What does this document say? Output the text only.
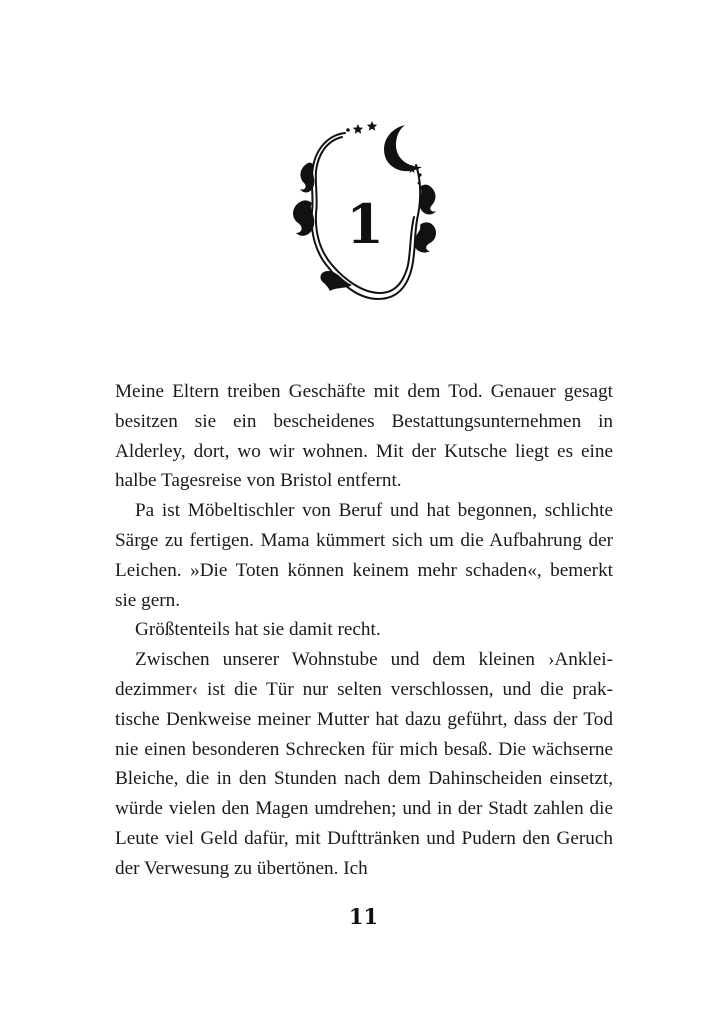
1

Meine Eltern treiben Geschäfte mit dem Tod. Genauer gesagt besitzen sie ein bescheidenes Bestattungsunternehmen in Alderley, dort, wo wir wohnen. Mit der Kutsche liegt es eine halbe Tagesreise von Bristol entfernt.

Pa ist Möbeltischler von Beruf und hat begonnen, schlichte Särge zu fertigen. Mama kümmert sich um die Aufbahrung der Leichen. »Die Toten können keinem mehr schaden«, bemerkt sie gern.

Größtenteils hat sie damit recht.

Zwischen unserer Wohnstube und dem kleinen ›Ankleidezimmer‹ ist die Tür nur selten verschlossen, und die praktische Denkweise meiner Mutter hat dazu geführt, dass der Tod nie einen besonderen Schrecken für mich besaß. Die wächserne Bleiche, die in den Stunden nach dem Dahinscheiden einsetzt, würde vielen den Magen umdrehen; und in der Stadt zahlen die Leute viel Geld dafür, mit Dufttränken und Pudern den Geruch der Verwesung zu übertönen. Ich

11
